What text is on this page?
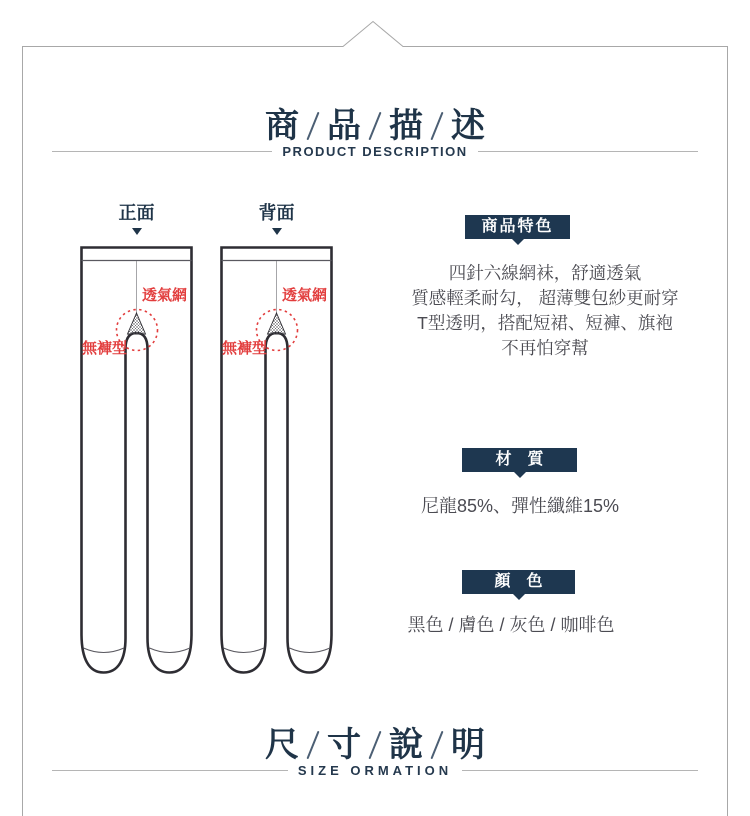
商 品 描 述
PRODUCT DESCRIPTION
正面
透氣網
無褲型
背面
透氣網
無褲型
商品特色
四針六線網袜，舒適透氣
質感輕柔耐勾， 超薄雙包紗更耐穿
T型透明，搭配短裙、短褲、旗袍
不再怕穿幫
材　質
尼龍85%、彈性纖維15%
顏　色
黑色 / 膚色 / 灰色 / 咖啡色
尺 寸 說 明
SIZE ORMATION
